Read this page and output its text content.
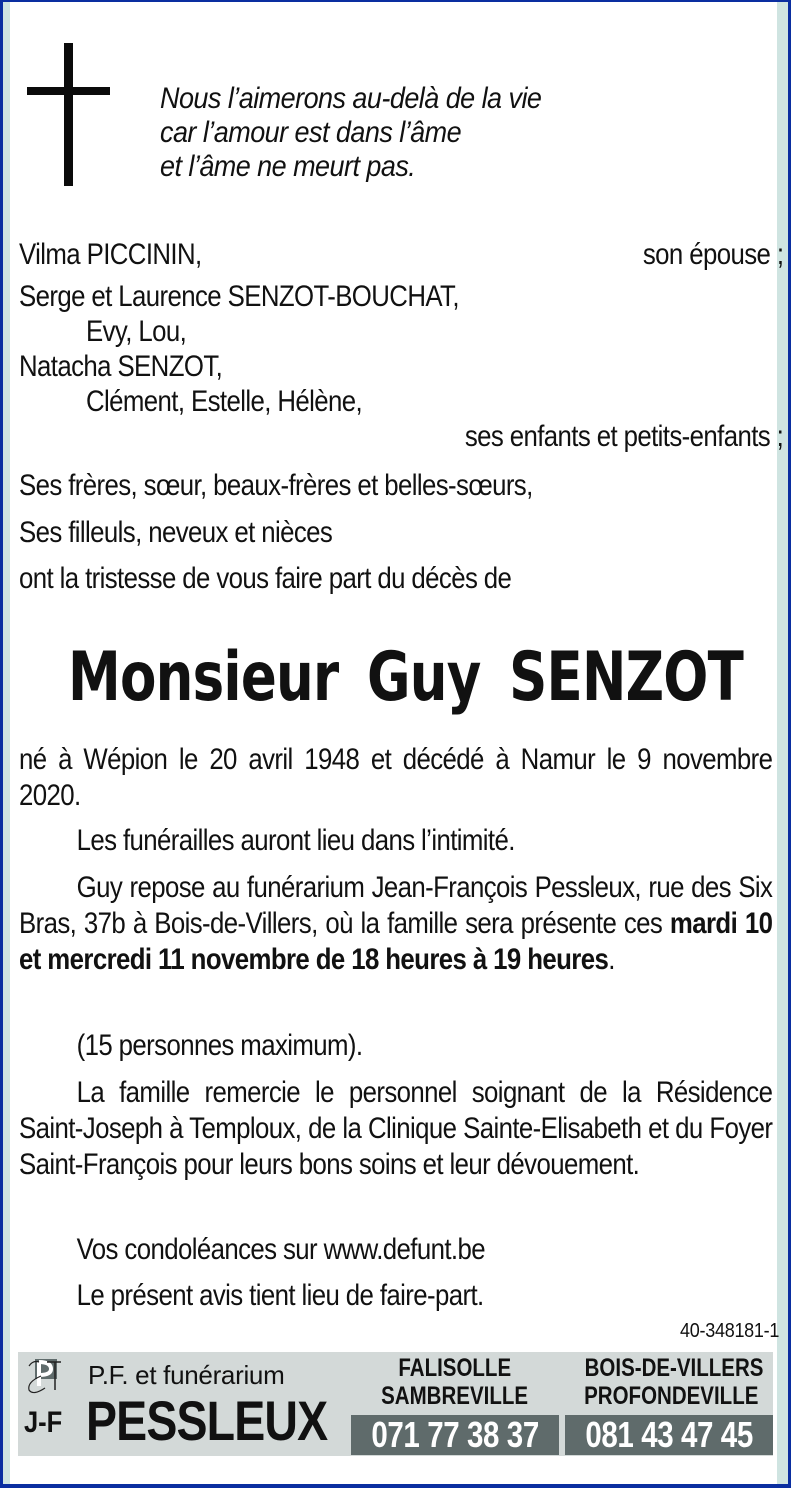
Nous l’aimerons au-delà de la vie
car l’amour est dans l’âme
et l’âme ne meurt pas.
Vilma PICCININ,	son épouse ;
Serge et Laurence SENZOT-BOUCHAT,
Evy, Lou,
Natacha SENZOT,
Clément, Estelle, Hélène,
ses enfants et petits-enfants ;
Ses frères, sœur, beaux-frères et belles-sœurs,
Ses filleuls, neveux et nièces
ont la tristesse de vous faire part du décès de
Monsieur Guy SENZOT
né à Wépion le 20 avril 1948 et décédé à Namur le 9 novembre 2020.
Les funérailles auront lieu dans l’intimité.
Guy repose au funérarium Jean-François Pessleux, rue des Six Bras, 37b à Bois-de-Villers, où la famille sera présente ces mardi 10 et mercredi 11 novembre de 18 heures à 19 heures.
(15 personnes maximum).
La famille remercie le personnel soignant de la Résidence Saint-Joseph à Temploux, de la Clinique Sainte-Elisabeth et du Foyer Saint-François pour leurs bons soins et leur dévouement.
Vos condoléances sur www.defunt.be
Le présent avis tient lieu de faire-part.
40-348181-1
P.F. et funérarium
J-F PESSLEUX
FALISOLLE
SAMBREVILLE
071 77 38 37
BOIS-DE-VILLERS
PROFONDEVILLE
081 43 47 45
